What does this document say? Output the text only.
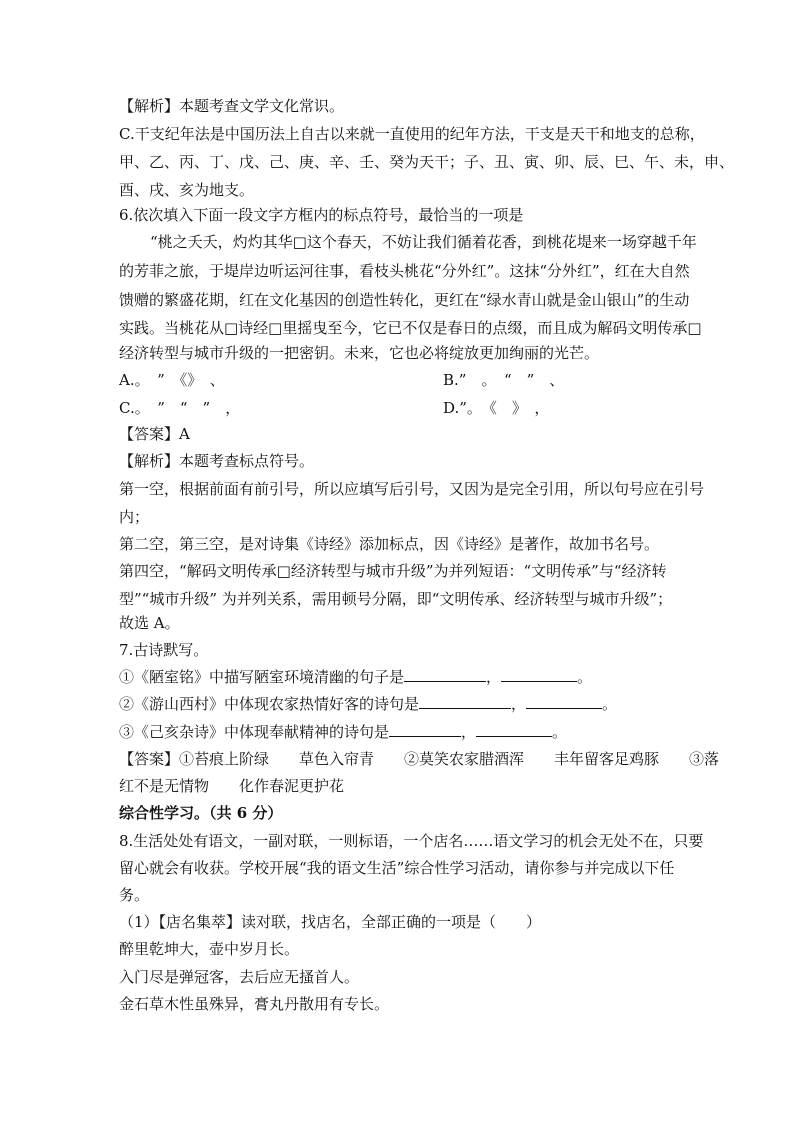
【解析】本题考查文学文化常识。
C.干支纪年法是中国历法上自古以来就一直使用的纪年方法，干支是天干和地支的总称，
甲、乙、丙、丁、戊、己、庚、辛、壬、癸为天干；子、丑、寅、卯、辰、巳、午、未，申、
酉、戌、亥为地支。
6.依次填入下面一段文字方框内的标点符号，最恰当的一项是
“桃之夭夭，灼灼其华□这个春天，不妨让我们循着花香，到桃花堤来一场穿越千年
的芳菲之旅，于堤岸边听运河往事，看枝头桃花“分外红”。这抹“分外红”，红在大自然
馈赠的繁盛花期，红在文化基因的创造性转化，更红在“绿水青山就是金山银山”的生动
实践。当桃花从□诗经□里摇曳至今，它已不仅是春日的点缀，而且成为解码文明传承□
经济转型与城市升级的一把密钥。未来，它也必将绽放更加绚丽的光芒。
A.。　”　《》　、	B.”　。　“　”　、
C.。　”　“　”　，	D.”。　《　》　，
【答案】A
【解析】本题考查标点符号。
第一空，根据前面有前引号，所以应填写后引号，又因为是完全引用，所以句号应在引号
内；
第二空，第三空，是对诗集《诗经》添加标点，因《诗经》是著作，故加书名号。
第四空，“解码文明传承□经济转型与城市升级”为并列短语：“文明传承”与“经济转
型”“城市升级” 为并列关系，需用顿号分隔，即“文明传承、经济转型与城市升级”；
故选 A。
7.古诗默写。
①《陋室铭》中描写陋室环境清幽的句子是	，	。
②《游山西村》中体现农家热情好客的诗句是	，	。
③《己亥杂诗》中体现奉献精神的诗句是	，	。
【答案】①苔痕上阶绿　　草色入帘青　　②莫笑农家腊酒浑　　丰年留客足鸡豚　　③落
红不是无情物　　化作春泥更护花
综合性学习。（共 6 分）
8.生活处处有语文，一副对联，一则标语，一个店名……语文学习的机会无处不在，只要
留心就会有收获。学校开展“我的语文生活”综合性学习活动，请你参与并完成以下任
务。
（1）【店名集萃】读对联，找店名，全部正确的一项是（　　）
醉里乾坤大，壶中岁月长。
入门尽是弹冠客，去后应无搔首人。
金石草木性虽殊异，膏丸丹散用有专长。
